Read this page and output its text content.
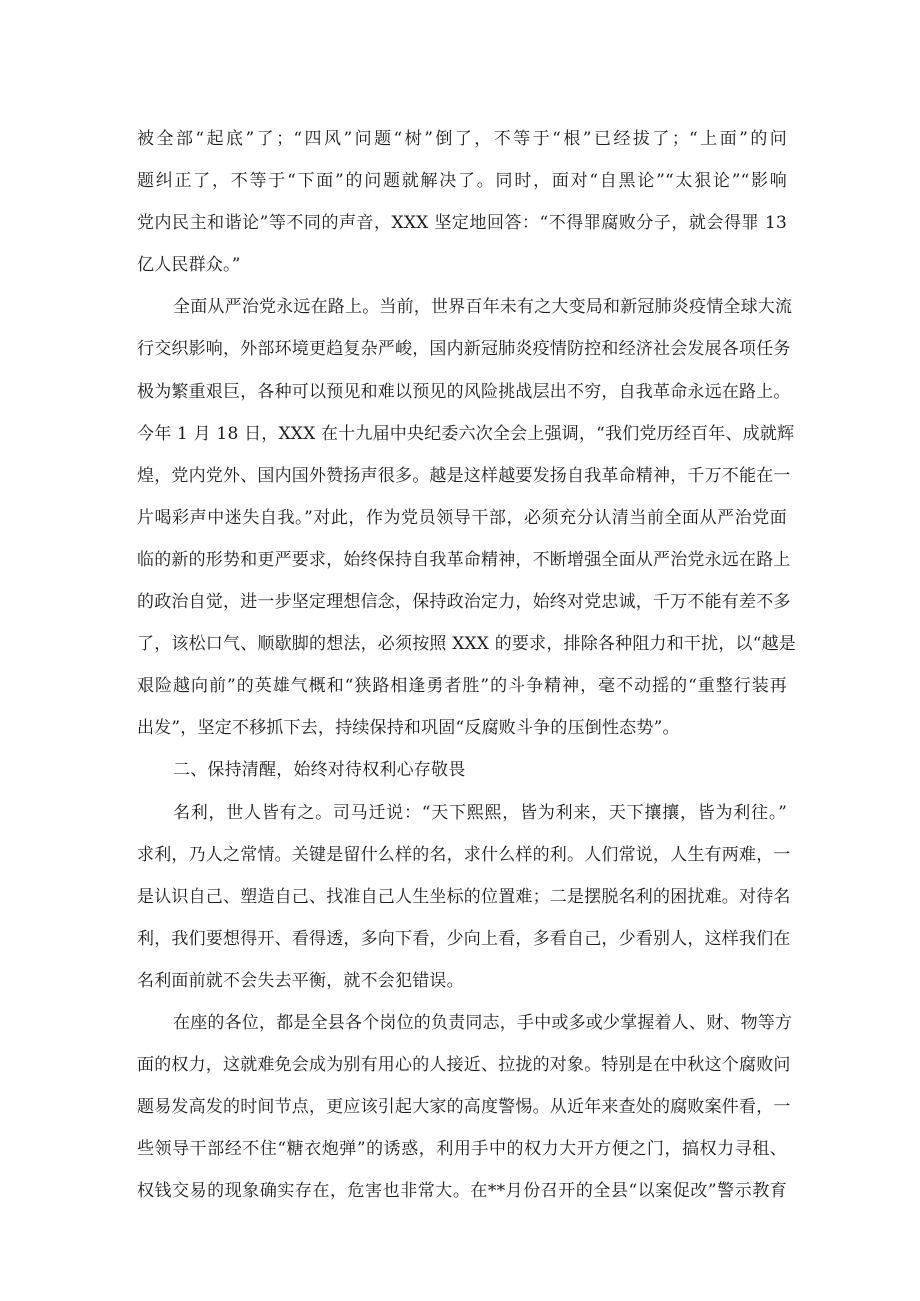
被全部“起底”了；“四风”问题“树”倒了，不等于“根”已经拔了；“上面”的问
题纠正了，不等于“下面”的问题就解决了。同时，面对“自黑论”“太狠论”“影响
党内民主和谐论”等不同的声音，XXX 坚定地回答：“不得罪腐败分子，就会得罪 13
亿人民群众。”
全面从严治党永远在路上。当前，世界百年未有之大变局和新冠肺炎疫情全球大流
行交织影响，外部环境更趋复杂严峻，国内新冠肺炎疫情防控和经济社会发展各项任务
极为繁重艰巨，各种可以预见和难以预见的风险挑战层出不穷，自我革命永远在路上。
今年 1 月 18 日，XXX 在十九届中央纪委六次全会上强调，“我们党历经百年、成就辉
煌，党内党外、国内国外赞扬声很多。越是这样越要发扬自我革命精神，千万不能在一
片喝彩声中迷失自我。”对此，作为党员领导干部，必须充分认清当前全面从严治党面
临的新的形势和更严要求，始终保持自我革命精神，不断增强全面从严治党永远在路上
的政治自觉，进一步坚定理想信念，保持政治定力，始终对党忠诚，千万不能有差不多
了，该松口气、顺歇脚的想法，必须按照 XXX 的要求，排除各种阻力和干扰，以“越是
艰险越向前”的英雄气概和“狭路相逢勇者胜”的斗争精神，毫不动摇的“重整行装再
出发”，坚定不移抓下去，持续保持和巩固“反腐败斗争的压倒性态势”。
二、保持清醒，始终对待权利心存敬畏
名利，世人皆有之。司马迁说：“天下熙熙，皆为利来，天下攘攘，皆为利往。”
求利，乃人之常情。关键是留什么样的名，求什么样的利。人们常说，人生有两难，一
是认识自己、塑造自己、找准自己人生坐标的位置难；二是摆脱名利的困扰难。对待名
利，我们要想得开、看得透，多向下看，少向上看，多看自己，少看别人，这样我们在
名利面前就不会失去平衡，就不会犯错误。
在座的各位，都是全县各个岗位的负责同志，手中或多或少掌握着人、财、物等方
面的权力，这就难免会成为别有用心的人接近、拉拢的对象。特别是在中秋这个腐败问
题易发高发的时间节点，更应该引起大家的高度警惕。从近年来查处的腐败案件看，一
些领导干部经不住“糖衣炮弹”的诱惑，利用手中的权力大开方便之门，搞权力寻租、
权钱交易的现象确实存在，危害也非常大。在**月份召开的全县“以案促改”警示教育
